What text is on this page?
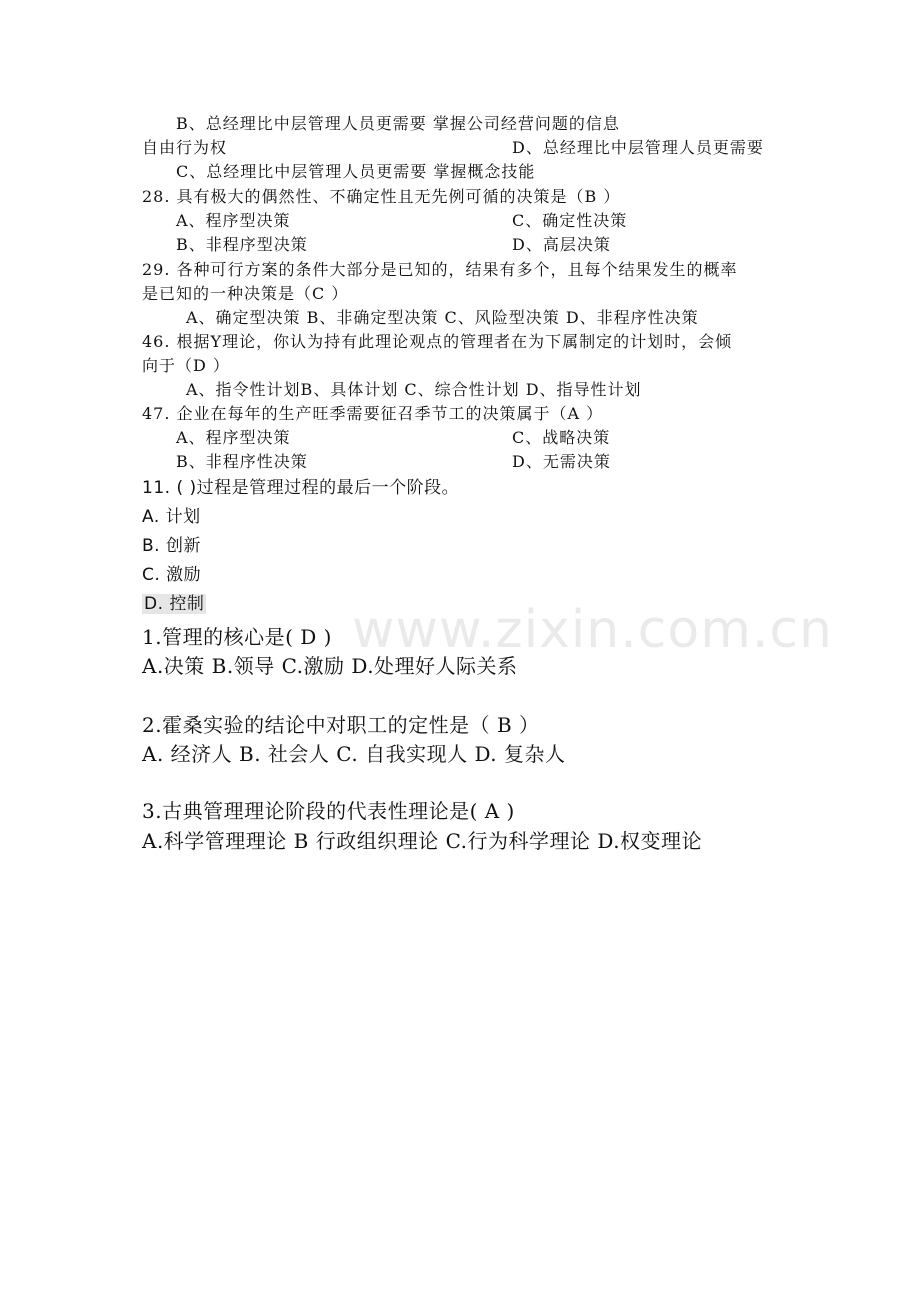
www.zixin.com.cn
B、总经理比中层管理人员更需要 掌握公司经营问题的信息
自由行为权	D、总经理比中层管理人员更需要
C、总经理比中层管理人员更需要 掌握概念技能
28. 具有极大的偶然性、不确定性且无先例可循的决策是（B ）
A、程序型决策	C、确定性决策
B、非程序型决策	D、高层决策
29. 各种可行方案的条件大部分是已知的，结果有多个，且每个结果发生的概率
是已知的一种决策是（C ）
A、确定型决策 B、非确定型决策 C、风险型决策 D、非程序性决策
46. 根据Y理论，你认为持有此理论观点的管理者在为下属制定的计划时，会倾
向于（D ）
A、指令性计划B、具体计划 C、综合性计划 D、指导性计划
47. 企业在每年的生产旺季需要征召季节工的决策属于（A ）
A、程序型决策	C、战略决策
B、非程序性决策	D、无需决策
11. ( )过程是管理过程的最后一个阶段。
A. 计划
B. 创新
C. 激励
D. 控制
1.管理的核心是( D )
A.决策 B.领导 C.激励 D.处理好人际关系
2.霍桑实验的结论中对职工的定性是（ B ）
A. 经济人 B. 社会人 C. 自我实现人 D. 复杂人
3.古典管理理论阶段的代表性理论是( A )
A.科学管理理论 B 行政组织理论 C.行为科学理论 D.权变理论
